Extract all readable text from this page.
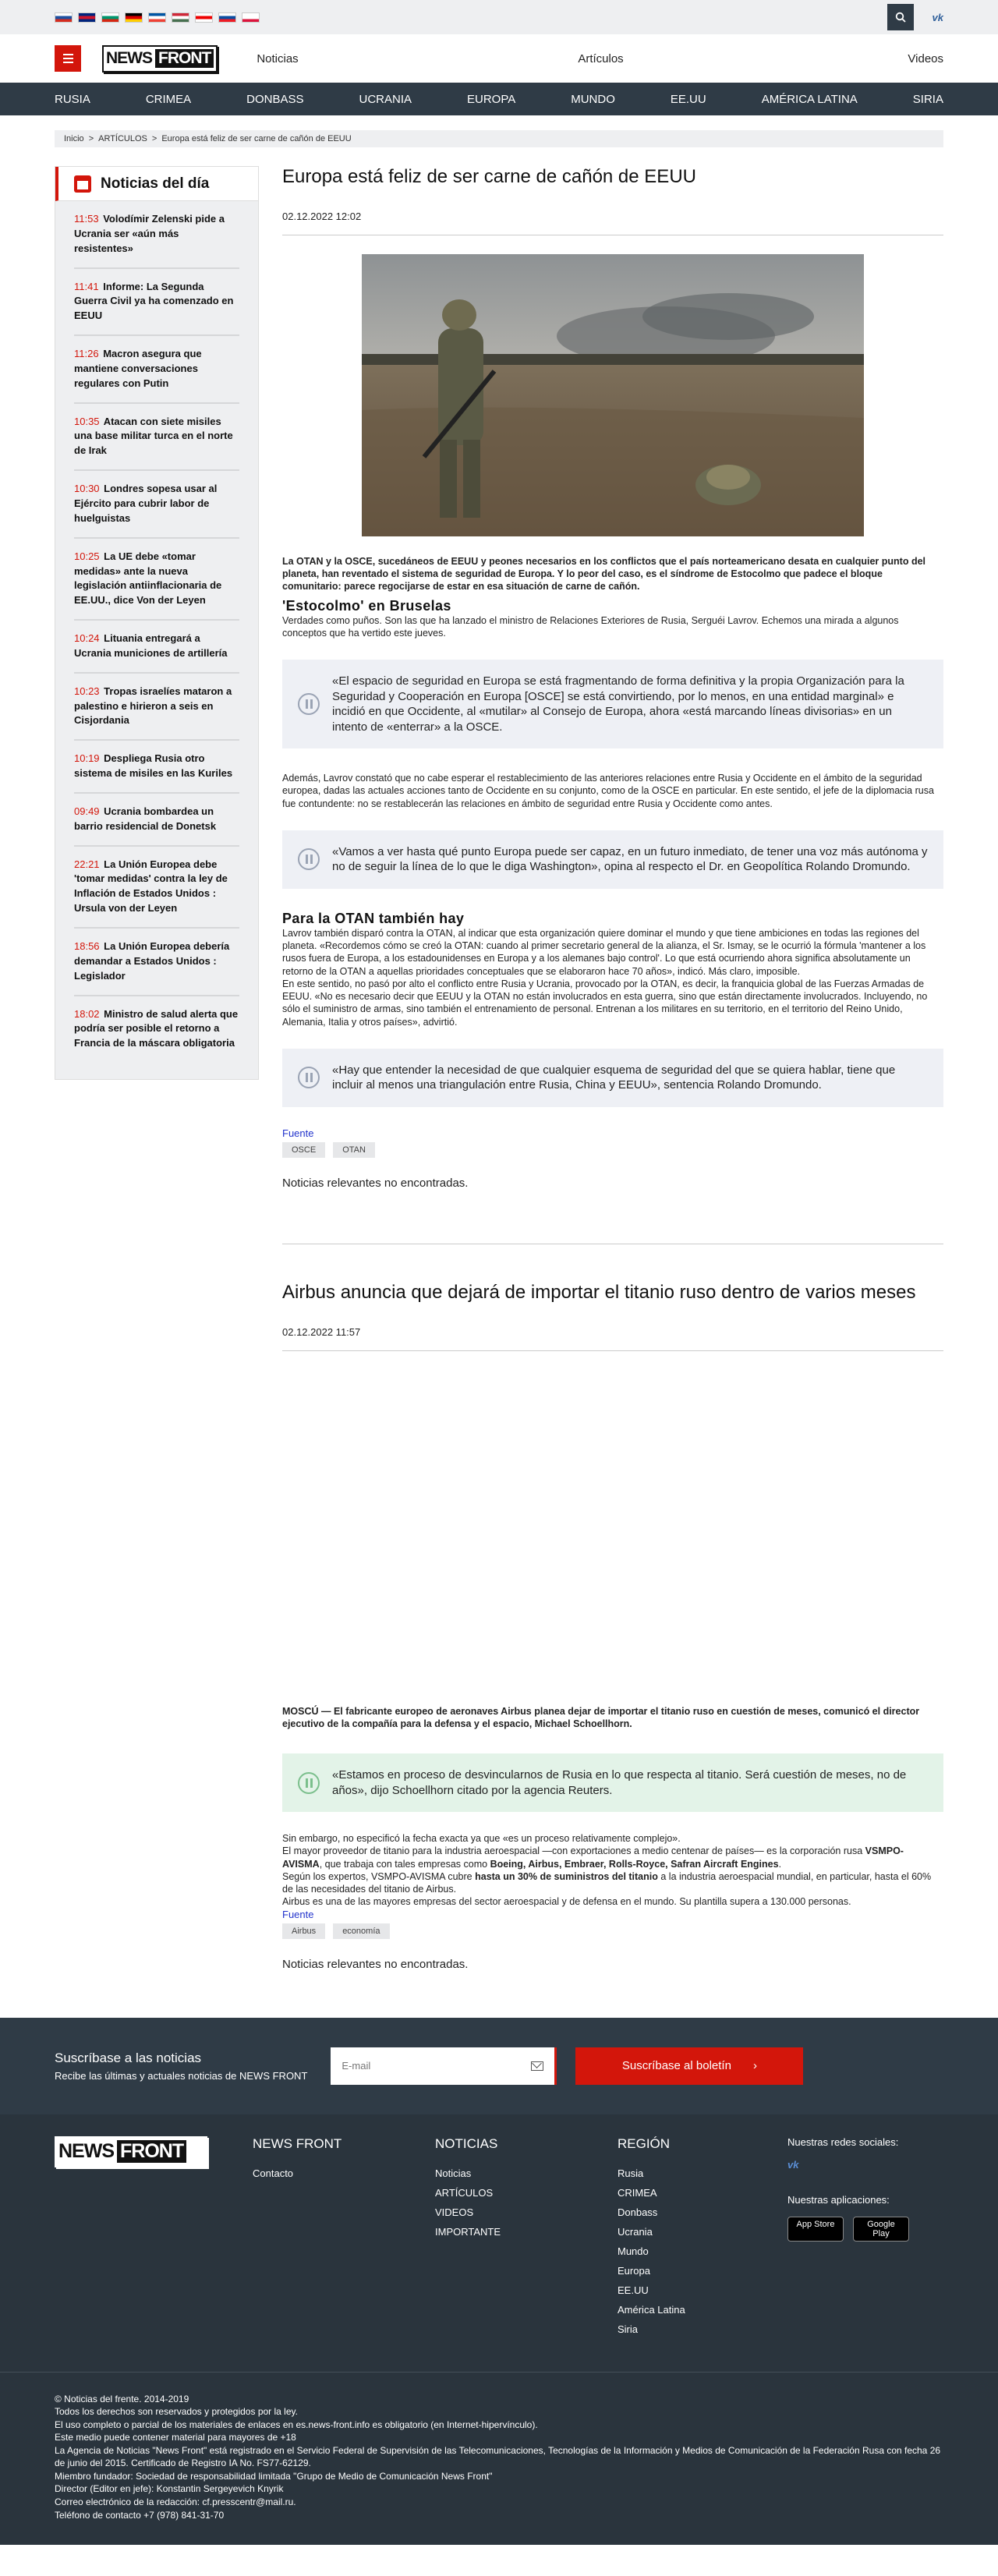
vk
NEWS FRONT	Noticias	Artículos	Videos
RUSIA	CRIMEA	DONBASS	UCRANIA	EUROPA	MUNDO	EE.UU	AMÉRICA LATINA	SIRIA
Inicio > ARTÍCULOS > Europa está feliz de ser carne de cañón de EEUU
Noticias del día
11:53 Volodímir Zelenski pide a Ucrania ser «aún más resistentes»
11:41 Informe: La Segunda Guerra Civil ya ha comenzado en EEUU
11:26 Macron asegura que mantiene conversaciones regulares con Putin
10:35 Atacan con siete misiles una base militar turca en el norte de Irak
10:30 Londres sopesa usar al Ejército para cubrir labor de huelguistas
10:25 La UE debe «tomar medidas» ante la nueva legislación antiinflacionaria de EE.UU., dice Von der Leyen
10:24 Lituania entregará a Ucrania municiones de artillería
10:23 Tropas israelíes mataron a palestino e hirieron a seis en Cisjordania
10:19 Despliega Rusia otro sistema de misiles en las Kuriles
09:49 Ucrania bombardea un barrio residencial de Donetsk
22:21 La Unión Europea debe 'tomar medidas' contra la ley de Inflación de Estados Unidos : Ursula von der Leyen
18:56 La Unión Europea debería demandar a Estados Unidos : Legislador
18:02 Ministro de salud alerta que podría ser posible el retorno a Francia de la máscara obligatoria
Europa está feliz de ser carne de cañón de EEUU
02.12.2022 12:02

La OTAN y la OSCE, sucedáneos de EEUU y peones necesarios en los conflictos que el país norteamericano desata en cualquier punto del planeta, han reventado el sistema de seguridad de Europa. Y lo peor del caso, es el síndrome de Estocolmo que padece el bloque comunitario: parece regocijarse de estar en esa situación de carne de cañón.

'Estocolmo' en Bruselas

Verdades como puños. Son las que ha lanzado el ministro de Relaciones Exteriores de Rusia, Serguéi Lavrov. Echemos una mirada a algunos conceptos que ha vertido este jueves.

«El espacio de seguridad en Europa se está fragmentando de forma definitiva y la propia Organización para la Seguridad y Cooperación en Europa [OSCE] se está convirtiendo, por lo menos, en una entidad marginal» e incidió en que Occidente, al «mutilar» al Consejo de Europa, ahora «está marcando líneas divisorias» en un intento de «enterrar» a la OSCE.

Además, Lavrov constató que no cabe esperar el restablecimiento de las anteriores relaciones entre Rusia y Occidente en el ámbito de la seguridad europea, dadas las actuales acciones tanto de Occidente en su conjunto, como de la OSCE en particular. En este sentido, el jefe de la diplomacia rusa fue contundente: no se restablecerán las relaciones en ámbito de seguridad entre Rusia y Occidente como antes.

«Vamos a ver hasta qué punto Europa puede ser capaz, en un futuro inmediato, de tener una voz más autónoma y no de seguir la línea de lo que le diga Washington», opina al respecto el Dr. en Geopolítica Rolando Dromundo.
Para la OTAN también hay

Lavrov también disparó contra la OTAN, al indicar que esta organización quiere dominar el mundo y que tiene ambiciones en todas las regiones del planeta. «Recordemos cómo se creó la OTAN: cuando al primer secretario general de la alianza, el Sr. Ismay, se le ocurrió la fórmula 'mantener a los rusos fuera de Europa, a los estadounidenses en Europa y a los alemanes bajo control'. Lo que está ocurriendo ahora significa absolutamente un retorno de la OTAN a aquellas prioridades conceptuales que se elaboraron hace 70 años», indicó. Más claro, imposible.

En este sentido, no pasó por alto el conflicto entre Rusia y Ucrania, provocado por la OTAN, es decir, la franquicia global de las Fuerzas Armadas de EEUU. «No es necesario decir que EEUU y la OTAN no están involucrados en esta guerra, sino que están directamente involucrados. Incluyendo, no sólo el suministro de armas, sino también el entrenamiento de personal. Entrenan a los militares en su territorio, en el territorio del Reino Unido, Alemania, Italia y otros países», advirtió.

«Hay que entender la necesidad de que cualquier esquema de seguridad del que se quiera hablar, tiene que incluir al menos una triangulación entre Rusia, China y EEUU», sentencia Rolando Dromundo.
Fuente
OSCE	OTAN

Noticias relevantes no encontradas.

Airbus anuncia que dejará de importar el titanio ruso dentro de varios meses
02.12.2022 11:57

MOSCÚ — El fabricante europeo de aeronaves Airbus planea dejar de importar el titanio ruso en cuestión de meses, comunicó el director ejecutivo de la compañía para la defensa y el espacio, Michael Schoellhorn.

«Estamos en proceso de desvincularnos de Rusia en lo que respecta al titanio. Será cuestión de meses, no de años», dijo Schoellhorn citado por la agencia Reuters.

Sin embargo, no especificó la fecha exacta ya que «es un proceso relativamente complejo».

El mayor proveedor de titanio para la industria aeroespacial —con exportaciones a medio centenar de países— es la corporación rusa VSMPO-AVISMA, que trabaja con tales empresas como Boeing, Airbus, Embraer, Rolls-Royce, Safran Aircraft Engines.

Según los expertos, VSMPO-AVISMA cubre hasta un 30% de suministros del titanio a la industria aeroespacial mundial, en particular, hasta el 60% de las necesidades del titanio de Airbus.

Airbus es una de las mayores empresas del sector aeroespacial y de defensa en el mundo. Su plantilla supera a 130.000 personas.

Fuente
Airbus	economía

Noticias relevantes no encontradas.

Suscríbase a las noticias

Recibe las últimas y actuales noticias de NEWS FRONT

E-mail
Suscríbase al boletín ›
NEWS FRONT	NEWS FRONT
Contacto
NOTICIAS
Noticias
ARTÍCULOS
VIDEOS
IMPORTANTE
REGIÓN
Rusia
CRIMEA
Donbass
Ucrania
Mundo
Europa
EE.UU
América Latina
Siria

Nuestras redes sociales:

vk

Nuestras aplicaciones:

App Store	Google Play

© Noticias del frente. 2014-2019

Todos los derechos son reservados y protegidos por la ley.

El uso completo o parcial de los materiales de enlaces en es.news-front.info es obligatorio (en Internet-hipervínculo).

Este medio puede contener material para mayores de +18

La Agencia de Noticias "News Front" está registrado en el Servicio Federal de Supervisión de las Telecomunicaciones, Tecnologías de la Información y Medios de Comunicación de la Federación Rusa con fecha 26 de junio del 2015. Certificado de Registro IA No. FS77-62129.

Miembro fundador: Sociedad de responsabilidad limitada "Grupo de Medio de Comunicación News Front"

Director (Editor en jefe): Konstantin Sergeyevich Knyrik

Correo electrónico de la redacción: cf.presscentr@mail.ru.

Teléfono de contacto +7 (978) 841-31-70
